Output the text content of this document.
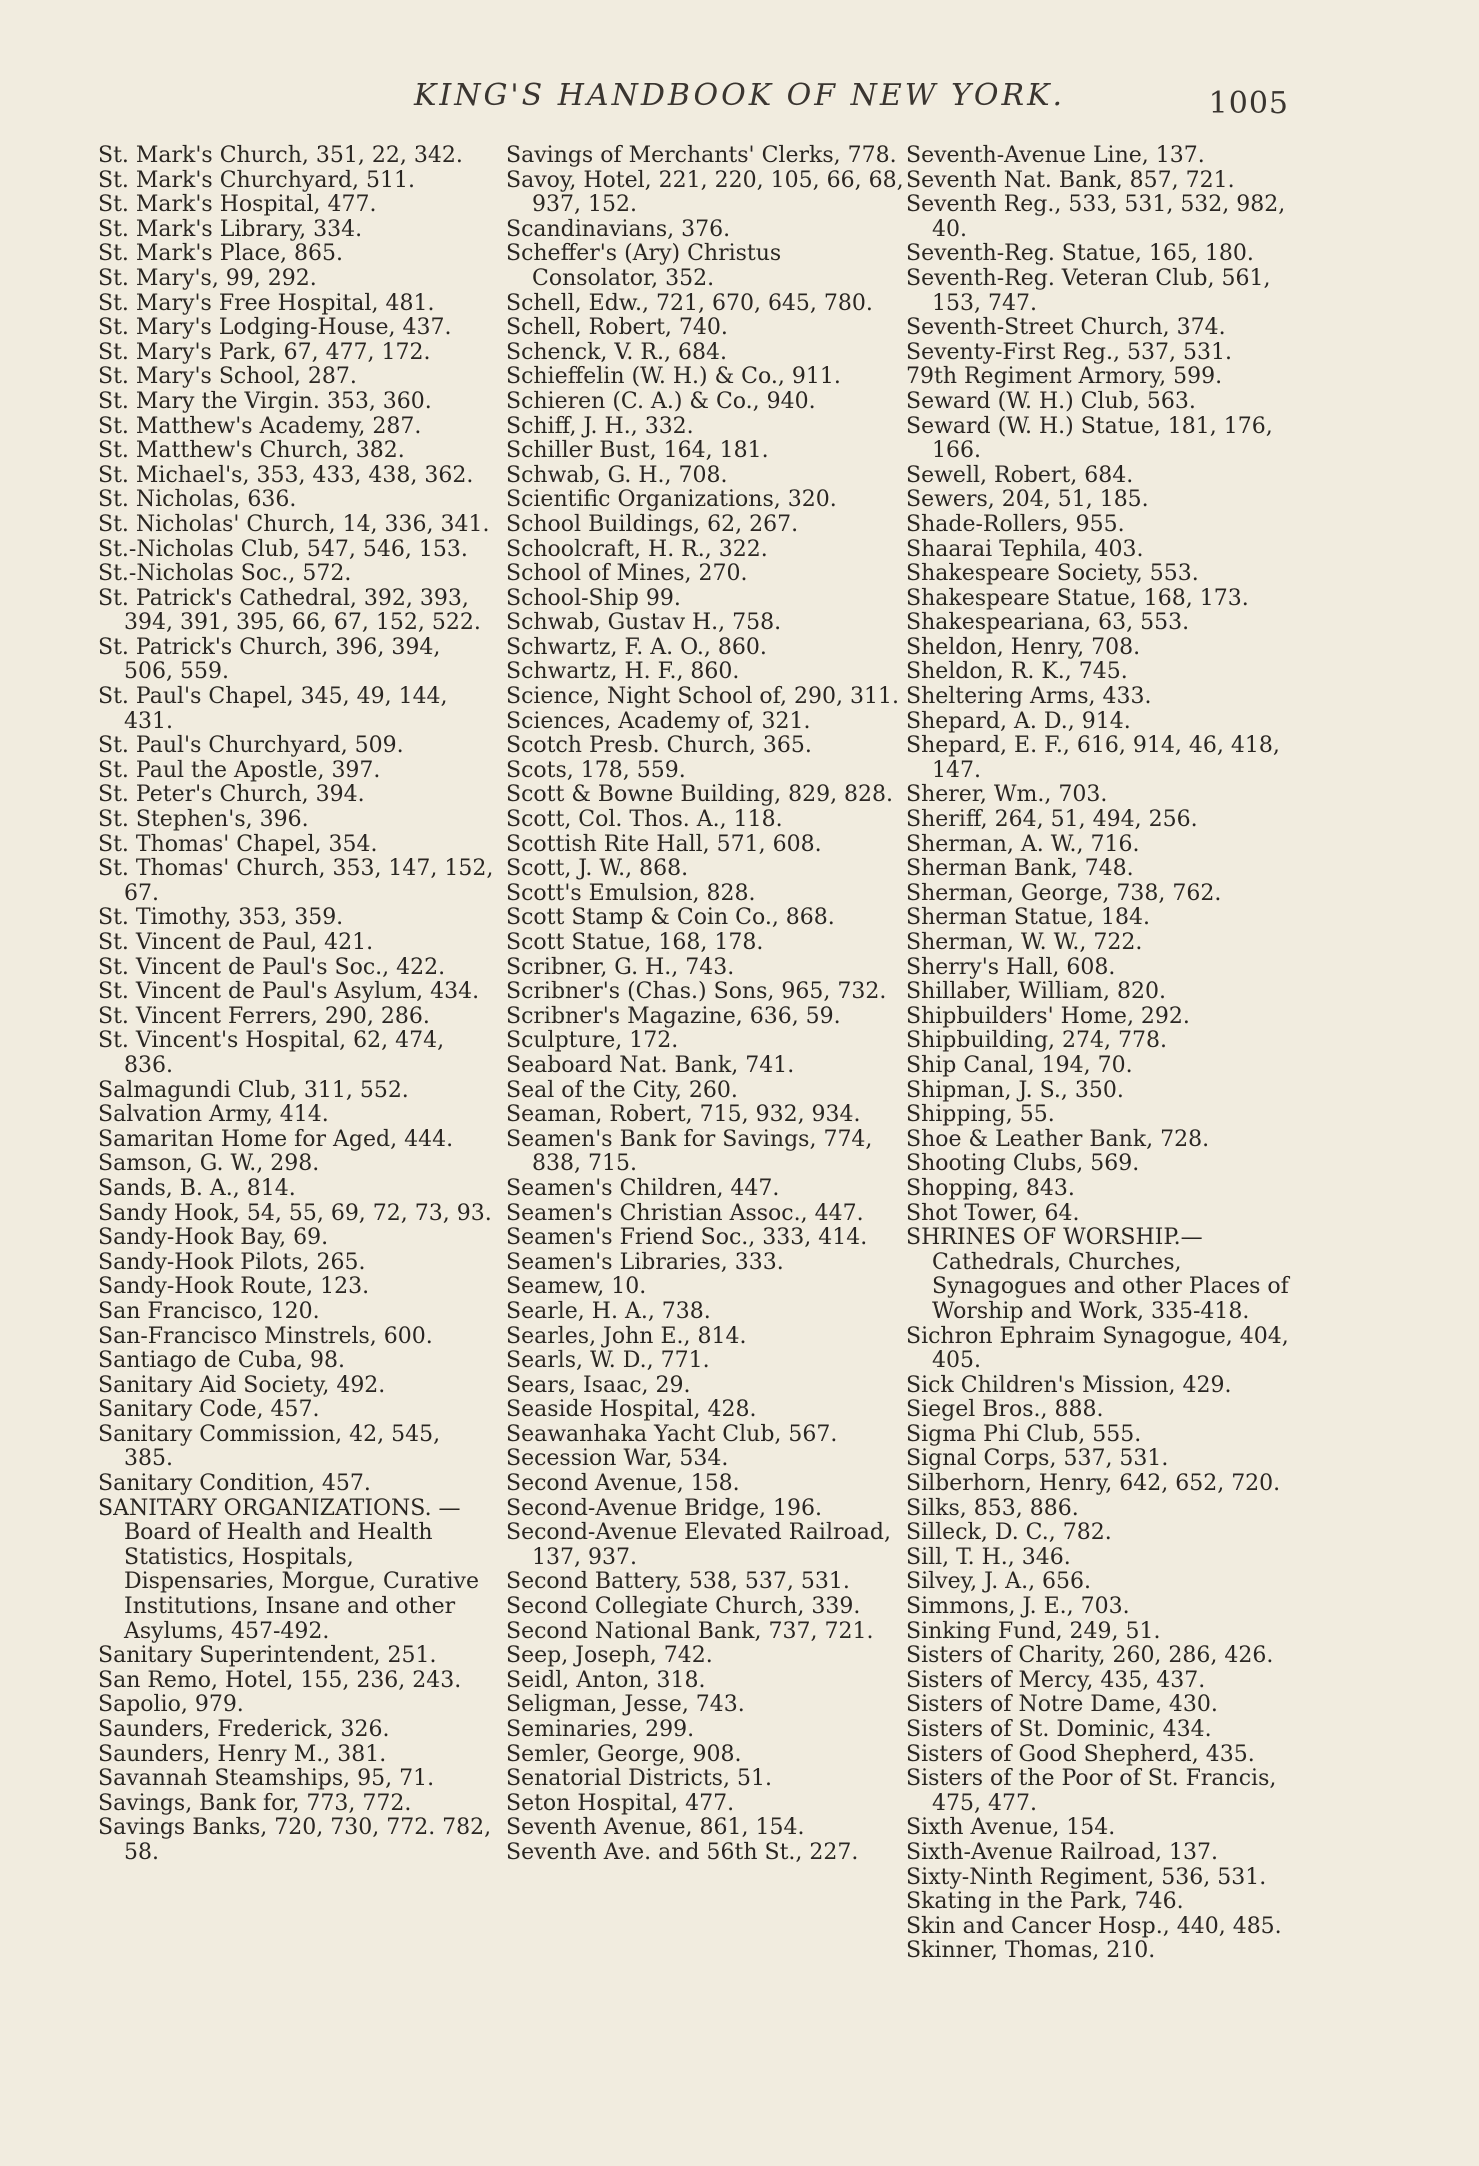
KING'S HANDBOOK OF NEW YORK.	1005

St. Mark's Church, 351, 22, 342.

St. Mark's Churchyard, 511.

St. Mark's Hospital, 477.

St. Mark's Library, 334.

St. Mark's Place, 865.

St. Mary's, 99, 292.

St. Mary's Free Hospital, 481.

St. Mary's Lodging-House, 437.

St. Mary's Park, 67, 477, 172.

St. Mary's School, 287.

St. Mary the Virgin. 353, 360.

St. Matthew's Academy, 287.

St. Matthew's Church, 382.

St. Michael's, 353, 433, 438, 362.

St. Nicholas, 636.

St. Nicholas' Church, 14, 336, 341.

St.-Nicholas Club, 547, 546, 153.

St.-Nicholas Soc., 572.

St. Patrick's Cathedral, 392, 393, 394, 391, 395, 66, 67, 152, 522.

St. Patrick's Church, 396, 394, 506, 559.

St. Paul's Chapel, 345, 49, 144, 431.

St. Paul's Churchyard, 509.

St. Paul the Apostle, 397.

St. Peter's Church, 394.

St. Stephen's, 396.

St. Thomas' Chapel, 354.

St. Thomas' Church, 353, 147, 152, 67.

St. Timothy, 353, 359.

St. Vincent de Paul, 421.

St. Vincent de Paul's Soc., 422.

St. Vincent de Paul's Asylum, 434.

St. Vincent Ferrers, 290, 286.

St. Vincent's Hospital, 62, 474, 836.

Salmagundi Club, 311, 552.

Salvation Army, 414.

Samaritan Home for Aged, 444.

Samson, G. W., 298.

Sands, B. A., 814.

Sandy Hook, 54, 55, 69, 72, 73, 93.

Sandy-Hook Bay, 69.

Sandy-Hook Pilots, 265.

Sandy-Hook Route, 123.

San Francisco, 120.

San-Francisco Minstrels, 600.

Santiago de Cuba, 98.

Sanitary Aid Society, 492.

Sanitary Code, 457.

Sanitary Commission, 42, 545, 385.

Sanitary Condition, 457.

SANITARY ORGANIZATIONS. —

Board of Health and Health Statistics, Hospitals, Dispensaries, Morgue, Curative Institutions, Insane and other Asylums, 457-492.

Sanitary Superintendent, 251.

San Remo, Hotel, 155, 236, 243.

Sapolio, 979.

Saunders, Frederick, 326.

Saunders, Henry M., 381.

Savannah Steamships, 95, 71.

Savings, Bank for, 773, 772.

Savings Banks, 720, 730, 772. 782, 58.

Savings of Merchants' Clerks, 778.

Savoy, Hotel, 221, 220, 105, 66, 68, 937, 152.

Scandinavians, 376.

Scheffer's (Ary) Christus Consolator, 352.

Schell, Edw., 721, 670, 645, 780.

Schell, Robert, 740.

Schenck, V. R., 684.

Schieffelin (W. H.) & Co., 911.

Schieren (C. A.) & Co., 940.

Schiff, J. H., 332.

Schiller Bust, 164, 181.

Schwab, G. H., 708.

Scientific Organizations, 320.

School Buildings, 62, 267.

Schoolcraft, H. R., 322.

School of Mines, 270.

School-Ship 99.

Schwab, Gustav H., 758.

Schwartz, F. A. O., 860.

Schwartz, H. F., 860.

Science, Night School of, 290, 311.

Sciences, Academy of, 321.

Scotch Presb. Church, 365.

Scots, 178, 559.

Scott & Bowne Building, 829, 828.

Scott, Col. Thos. A., 118.

Scottish Rite Hall, 571, 608.

Scott, J. W., 868.

Scott's Emulsion, 828.

Scott Stamp & Coin Co., 868.

Scott Statue, 168, 178.

Scribner, G. H., 743.

Scribner's (Chas.) Sons, 965, 732.

Scribner's Magazine, 636, 59.

Sculpture, 172.

Seaboard Nat. Bank, 741.

Seal of the City, 260.

Seaman, Robert, 715, 932, 934.

Seamen's Bank for Savings, 774, 838, 715.

Seamen's Children, 447.

Seamen's Christian Assoc., 447.

Seamen's Friend Soc., 333, 414.

Seamen's Libraries, 333.

Seamew, 10.

Searle, H. A., 738.

Searles, John E., 814.

Searls, W. D., 771.

Sears, Isaac, 29.

Seaside Hospital, 428.

Seawanhaka Yacht Club, 567.

Secession War, 534.

Second Avenue, 158.

Second-Avenue Bridge, 196.

Second-Avenue Elevated Railroad, 137, 937.

Second Battery, 538, 537, 531.

Second Collegiate Church, 339.

Second National Bank, 737, 721.

Seep, Joseph, 742.

Seidl, Anton, 318.

Seligman, Jesse, 743.

Seminaries, 299.

Semler, George, 908.

Senatorial Districts, 51.

Seton Hospital, 477.

Seventh Avenue, 861, 154.

Seventh Ave. and 56th St., 227.

Seventh-Avenue Line, 137.

Seventh Nat. Bank, 857, 721.

Seventh Reg., 533, 531, 532, 982, 40.

Seventh-Reg. Statue, 165, 180.

Seventh-Reg. Veteran Club, 561, 153, 747.

Seventh-Street Church, 374.

Seventy-First Reg., 537, 531.

79th Regiment Armory, 599.

Seward (W. H.) Club, 563.

Seward (W. H.) Statue, 181, 176, 166.

Sewell, Robert, 684.

Sewers, 204, 51, 185.

Shade-Rollers, 955.

Shaarai Tephila, 403.

Shakespeare Society, 553.

Shakespeare Statue, 168, 173.

Shakespeariana, 63, 553.

Sheldon, Henry, 708.

Sheldon, R. K., 745.

Sheltering Arms, 433.

Shepard, A. D., 914.

Shepard, E. F., 616, 914, 46, 418, 147.

Sherer, Wm., 703.

Sheriff, 264, 51, 494, 256.

Sherman, A. W., 716.

Sherman Bank, 748.

Sherman, George, 738, 762.

Sherman Statue, 184.

Sherman, W. W., 722.

Sherry's Hall, 608.

Shillaber, William, 820.

Shipbuilders' Home, 292.

Shipbuilding, 274, 778.

Ship Canal, 194, 70.

Shipman, J. S., 350.

Shipping, 55.

Shoe & Leather Bank, 728.

Shooting Clubs, 569.

Shopping, 843.

Shot Tower, 64.

SHRINES OF WORSHIP.— Cathedrals, Churches, Synagogues and other Places of Worship and Work, 335-418.

Sichron Ephraim Synagogue, 404, 405.

Sick Children's Mission, 429.

Siegel Bros., 888.

Sigma Phi Club, 555.

Signal Corps, 537, 531.

Silberhorn, Henry, 642, 652, 720.

Silks, 853, 886.

Silleck, D. C., 782.

Sill, T. H., 346.

Silvey, J. A., 656.

Simmons, J. E., 703.

Sinking Fund, 249, 51.

Sisters of Charity, 260, 286, 426.

Sisters of Mercy, 435, 437.

Sisters of Notre Dame, 430.

Sisters of St. Dominic, 434.

Sisters of Good Shepherd, 435.

Sisters of the Poor of St. Francis, 475, 477.

Sixth Avenue, 154.

Sixth-Avenue Railroad, 137.

Sixty-Ninth Regiment, 536, 531.

Skating in the Park, 746.

Skin and Cancer Hosp., 440, 485.

Skinner, Thomas, 210.
